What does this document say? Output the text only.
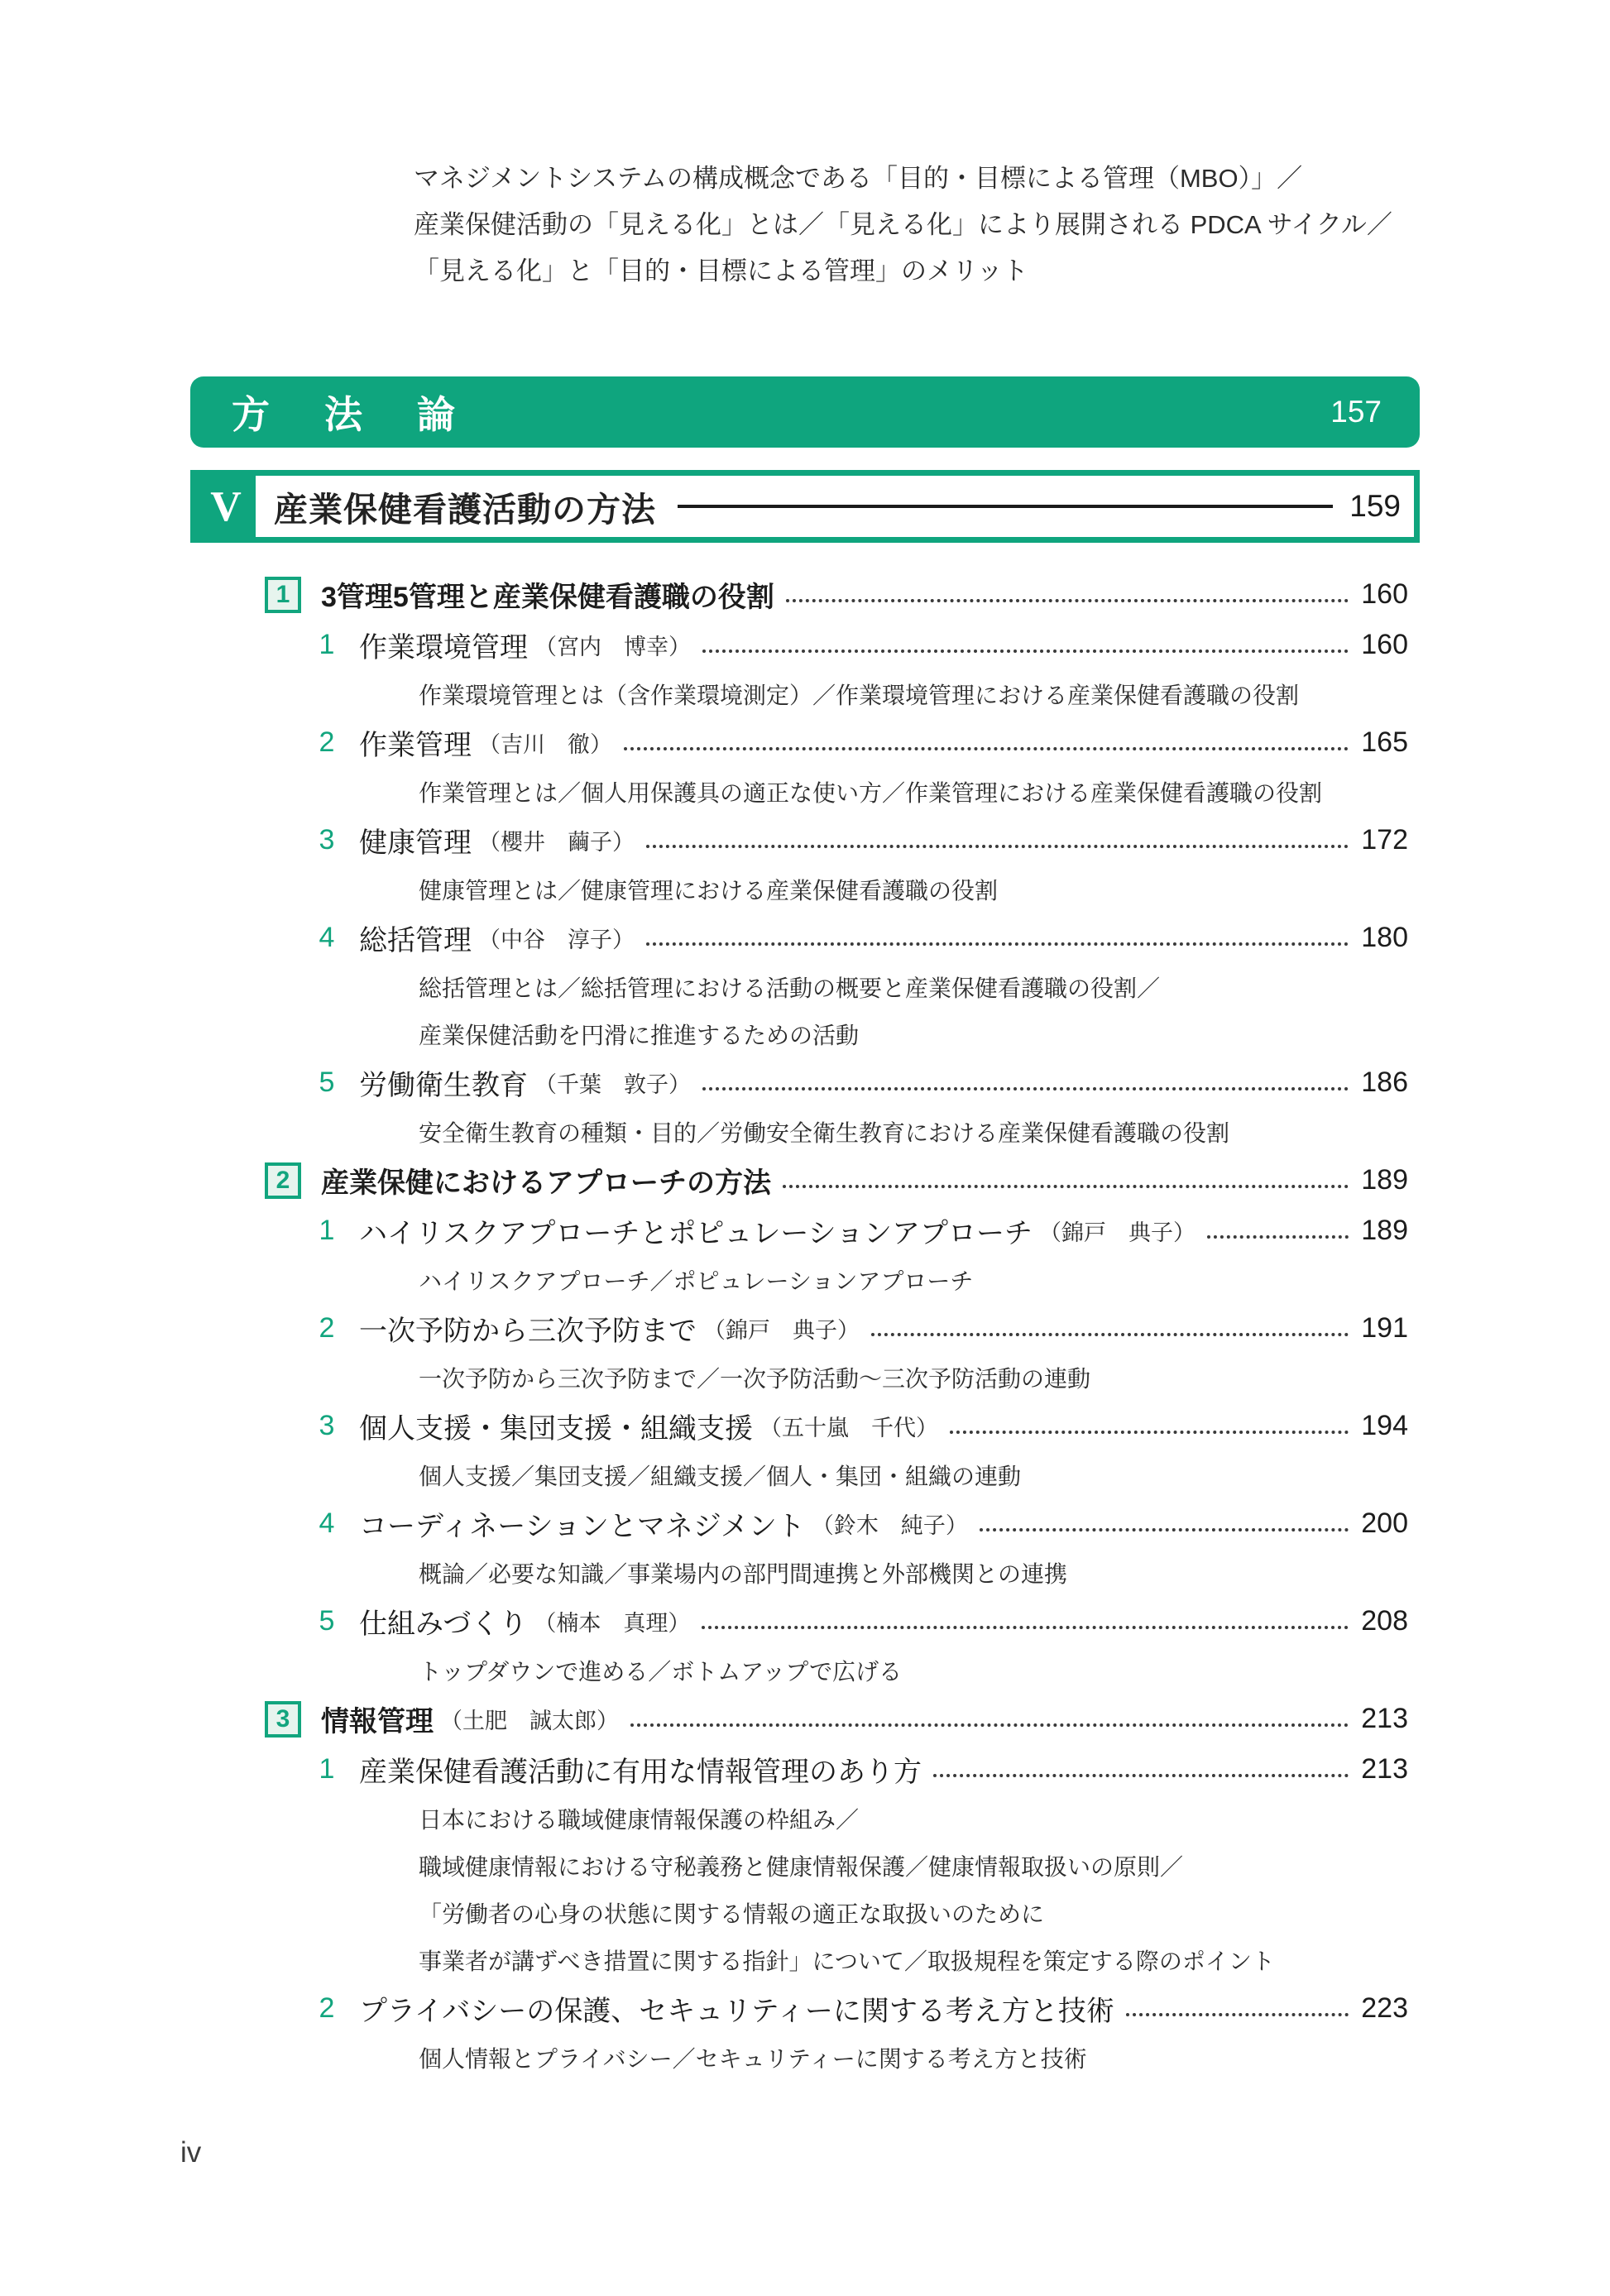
マネジメントシステムの構成概念である「目的・目標による管理（MBO）」／

産業保健活動の「見える化」とは／「見える化」により展開される PDCA サイクル／

「見える化」と「目的・目標による管理」のメリット

方　法　論	157
V 産業保健看護活動の方法	159
1	3管理5管理と産業保健看護職の役割	160
1 作業環境管理 （宮内　博幸）	160
作業環境管理とは（含作業環境測定）／作業環境管理における産業保健看護職の役割
2 作業管理 （吉川　徹）	165
作業管理とは／個人用保護具の適正な使い方／作業管理における産業保健看護職の役割
3 健康管理 （櫻井　繭子）	172
健康管理とは／健康管理における産業保健看護職の役割
4 総括管理 （中谷　淳子）	180
総括管理とは／総括管理における活動の概要と産業保健看護職の役割／
産業保健活動を円滑に推進するための活動
5 労働衛生教育 （千葉　敦子）	186
安全衛生教育の種類・目的／労働安全衛生教育における産業保健看護職の役割
2	産業保健におけるアプローチの方法	189
1 ハイリスクアプローチとポピュレーションアプローチ （錦戸　典子）	189
ハイリスクアプローチ／ポピュレーションアプローチ
2 一次予防から三次予防まで （錦戸　典子）	191
一次予防から三次予防まで／一次予防活動～三次予防活動の連動
3 個人支援・集団支援・組織支援 （五十嵐　千代）	194
個人支援／集団支援／組織支援／個人・集団・組織の連動
4 コーディネーションとマネジメント （鈴木　純子）	200
概論／必要な知識／事業場内の部門間連携と外部機関との連携
5 仕組みづくり （楠本　真理）	208
トップダウンで進める／ボトムアップで広げる
3	情報管理 （土肥　誠太郎）	213
1 産業保健看護活動に有用な情報管理のあり方	213
日本における職域健康情報保護の枠組み／
職域健康情報における守秘義務と健康情報保護／健康情報取扱いの原則／
「労働者の心身の状態に関する情報の適正な取扱いのために
事業者が講ずべき措置に関する指針」について／取扱規程を策定する際のポイント
2 プライバシーの保護、セキュリティーに関する考え方と技術	223
個人情報とプライバシー／セキュリティーに関する考え方と技術
iv
